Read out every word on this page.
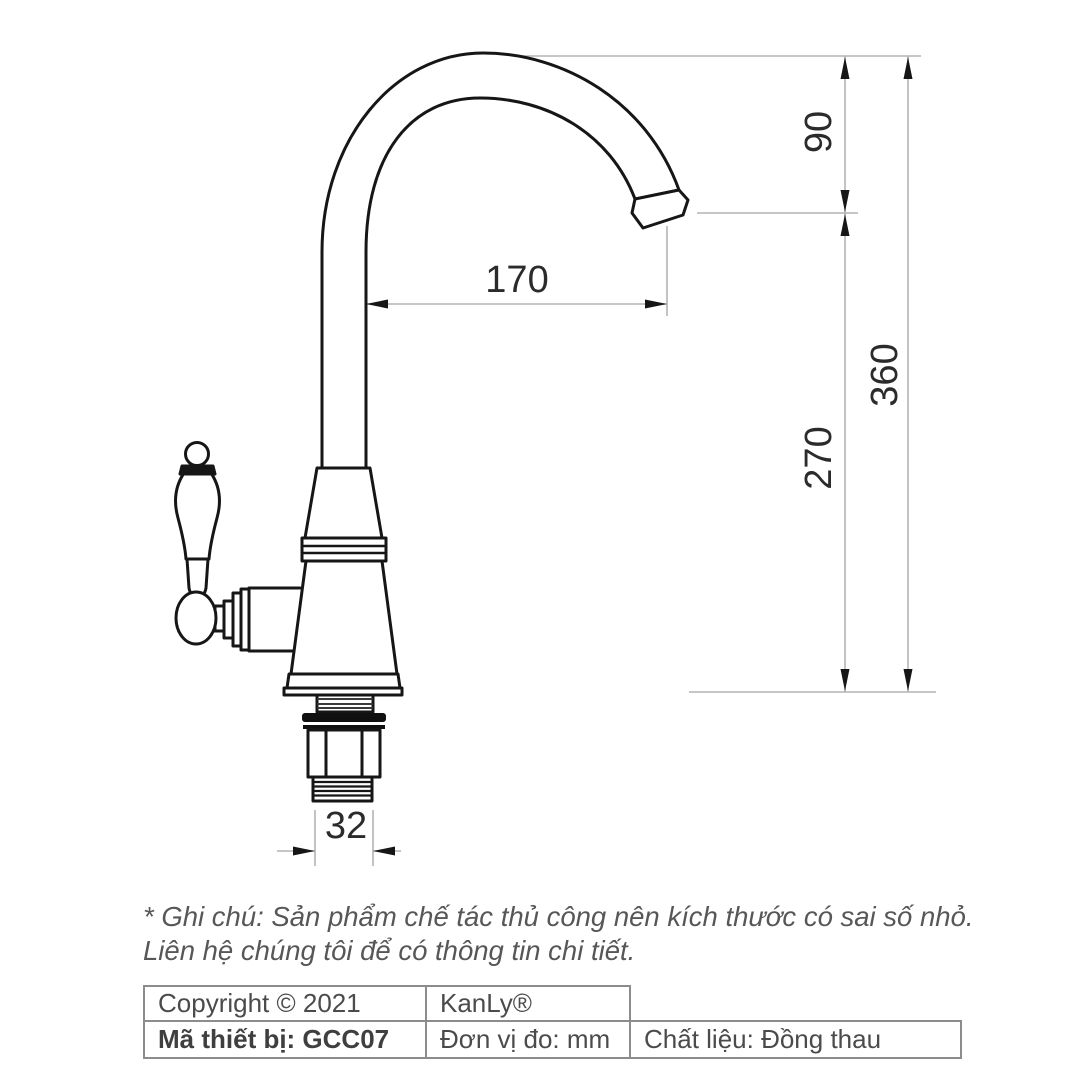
90
170
360
270
32
* Ghi chú: Sản phẩm chế tác thủ công nên kích thước có sai số nhỏ.
Liên hệ chúng tôi để có thông tin chi tiết.
Copyright © 2021	KanLy®
Mã thiết bị: GCC07	Đơn vị đo: mm	Chất liệu: Đồng thau
